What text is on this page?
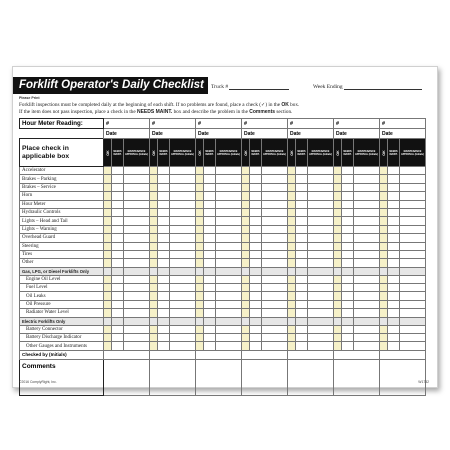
Forklift Operator's Daily Checklist	Truck #	Week Ending
Please Print
Forklift inspections must be completed daily at the beginning of each shift. If no problems are found, place a check (✓) in the OK box.
If the item does not pass inspection, place a check in the NEEDS MAINT. box and describe the problem in the Comments section.
Hour Meter Reading:	#			#			#			#			#			#			#		
	Date			Date			Date			Date			Date			Date			Date		
Place check in applicable box	OK	NEEDS MAINT.	MAINTENANCE APPROVAL (Initials)	OK	NEEDS MAINT.	MAINTENANCE APPROVAL (Initials)	OK	NEEDS MAINT.	MAINTENANCE APPROVAL (Initials)	OK	NEEDS MAINT.	MAINTENANCE APPROVAL (Initials)	OK	NEEDS MAINT.	MAINTENANCE APPROVAL (Initials)	OK	NEEDS MAINT.	MAINTENANCE APPROVAL (Initials)	OK	NEEDS MAINT.	MAINTENANCE APPROVAL (Initials)
Accelerator																					
Brakes – Parking																					
Brakes – Service																					
Horn																					
Hour Meter																					
Hydraulic Controls																					
Lights – Head and Tail																					
Lights – Warning																					
Overhead Guard																					
Steering																					
Tires																					
Other																					
Gas, LPG, or Diesel Forklifts Only																					
Engine Oil Level																					
Fuel Level																					
Oil Leaks																					
Oil Pressure																					
Radiator Water Level																					
Electric Forklifts Only																					
Battery Connector																					
Battery Discharge Indicator																					
Other Gauges and Instruments																					
Checked by (Initials)																					
Comments																					
©2016 ComplyRight, Inc.	W1732
